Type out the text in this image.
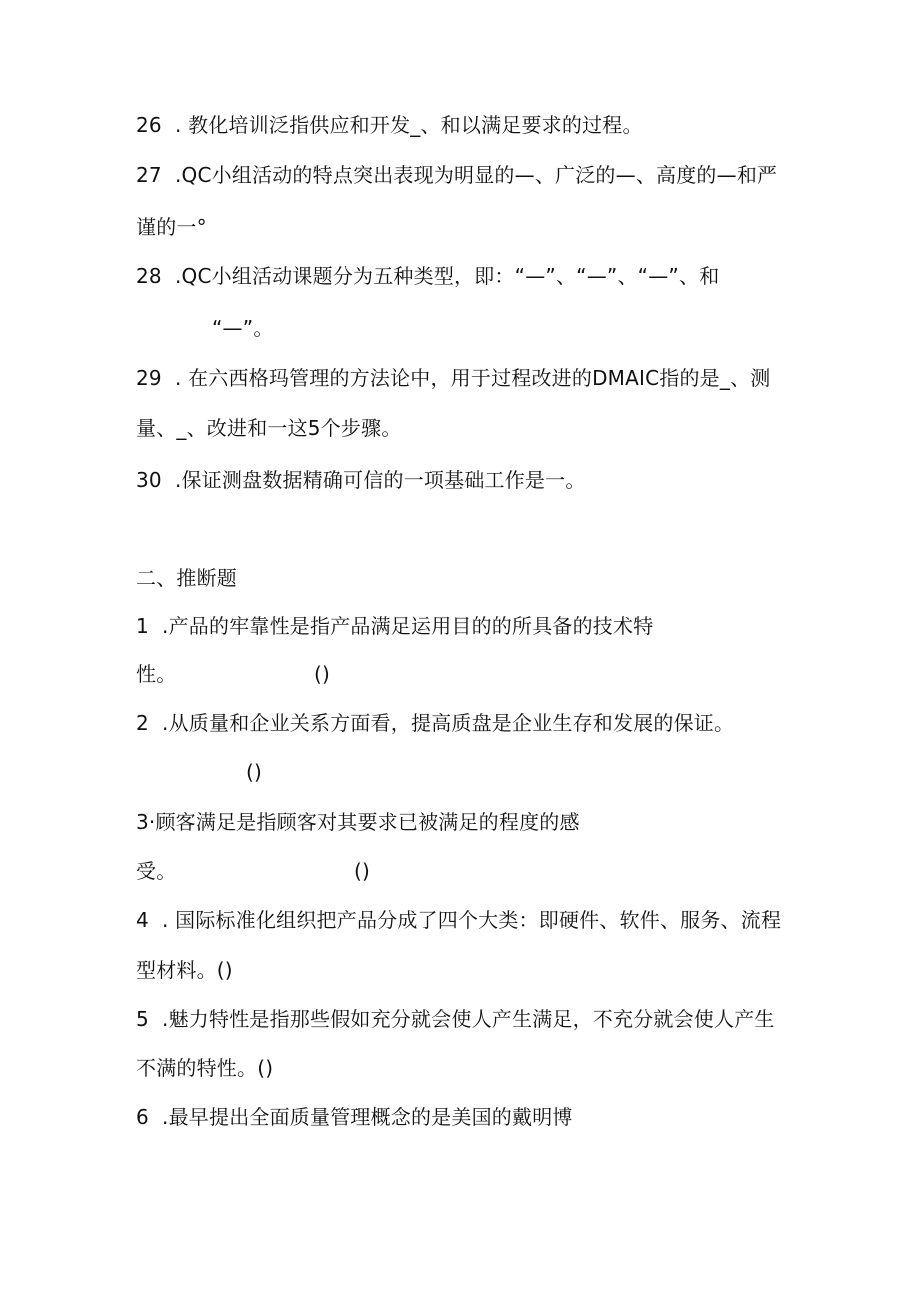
26  . 教化培训泛指供应和开发_、和以满足要求的过程。
27  .QC小组活动的特点突出表现为明显的—、广泛的—、高度的—和严
谨的一°
28  .QC小组活动课题分为五种类型，即：“—”、“—”、“—”、和
“—”。
29  . 在六西格玛管理的方法论中，用于过程改进的DMAIC指的是_、测
量、_、改进和一这5个步骤。
30  .保证测盘数据精确可信的一项基础工作是一。
二、推断题
1  .产品的牢靠性是指产品满足运用目的的所具备的技术特
性。	()
2  .从质量和企业关系方面看，提高质盘是企业生存和发展的保证。
()
3·顾客满足是指顾客对其要求已被满足的程度的感
受。	()
4  . 国际标准化组织把产品分成了四个大类：即硬件、软件、服务、流程
型材料。()
5  .魅力特性是指那些假如充分就会使人产生满足，不充分就会使人产生
不满的特性。()
6  .最早提出全面质量管理概念的是美国的戴明博
